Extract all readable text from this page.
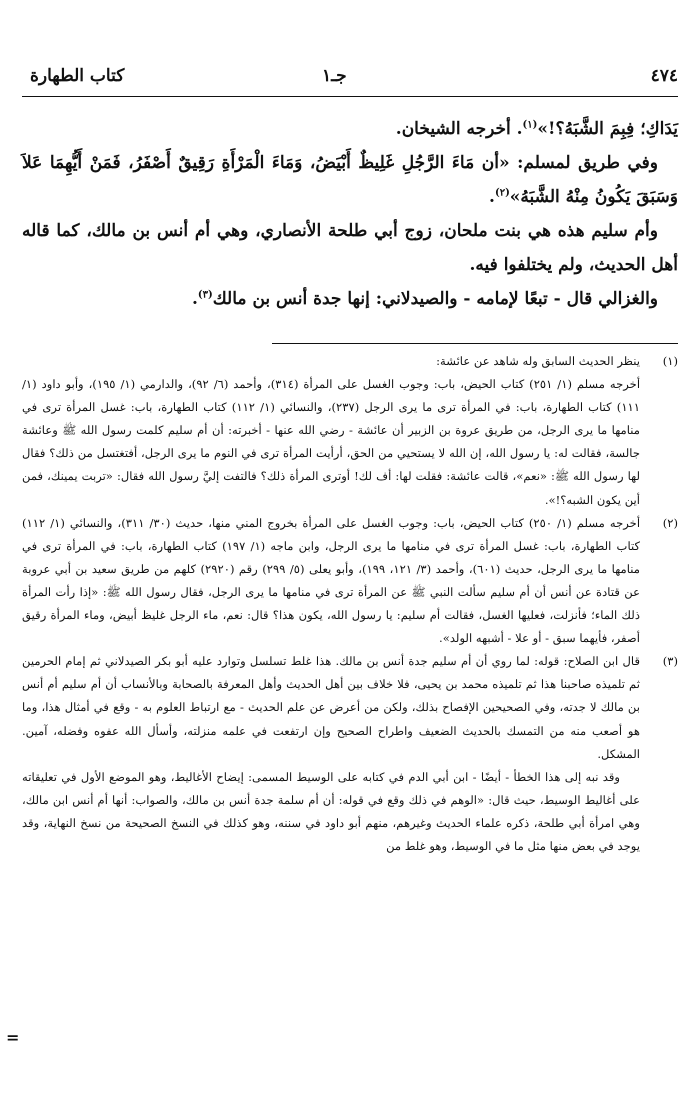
٤٧٤
جـ١
كتاب الطهارة

يَدَاكِ؛ فِبِمَ الشَّبَهُ؟!»$^{(١)}$. أخرجه الشيخان.

وفي طريق لمسلم: «أن مَاءَ الرَّجُلِ غَلِيظٌ أَبْيَضُ، وَمَاءَ الْمَرْأَةِ رَقِيقٌ أَصْفَرُ، فَمَنْ أَيُّهِمَا عَلاَ وَسَبَقَ يَكُونُ مِنْهُ الشَّبَهُ»$^{(٢)}$.

وأم سليم هذه هي بنت ملحان، زوج أبي طلحة الأنصاري، وهي أم أنس بن مالك، كما قاله أهل الحديث، ولم يختلفوا فيه.

والغزالي قال - تبعًا لإمامه - والصيدلاني: إنها جدة أنس بن مالك$^{(٣)}$.

(١)

ينظر الحديث السابق وله شاهد عن عائشة:

أخرجه مسلم (١/ ٢٥١) كتاب الحيض، باب: وجوب الغسل على المرأة (٣١٤)، وأحمد (٦/ ٩٢)، والدارمي (١/ ١٩٥)، وأبو داود (١/ ١١١) كتاب الطهارة، باب: في المرأة ترى ما يرى الرجل (٢٣٧)، والنسائي (١/ ١١٢) كتاب الطهارة، باب: غسل المرأة ترى في منامها ما يرى الرجل، من طريق عروة بن الزبير أن عائشة - رضي الله عنها - أخبرته: أن أم سليم كلمت رسول الله ﷺ وعائشة جالسة، فقالت له: يا رسول الله، إن الله لا يستحيي من الحق، أرأيت المرأة ترى في النوم ما يرى الرجل، أفتغتسل من ذلك؟ فقال لها رسول الله ﷺ: «نعم»، قالت عائشة: فقلت لها: أف لك! أوترى المرأة ذلك؟ فالتفت إليَّ رسول الله فقال: «تربت يمينك، فمن أين يكون الشبه؟!».

(٢)

أخرجه مسلم (١/ ٢٥٠) كتاب الحيض، باب: وجوب الغسل على المرأة بخروج المني منها، حديث (٣٠/ ٣١١)، والنسائي (١/ ١١٢) كتاب الطهارة، باب: غسل المرأة ترى في منامها ما يرى الرجل، وابن ماجه (١/ ١٩٧) كتاب الطهارة، باب: في المرأة ترى في منامها ما يرى الرجل، حديث (٦٠١)، وأحمد (٣/ ١٢١، ١٩٩)، وأبو يعلى (٥/ ٢٩٩) رقم (٢٩٢٠) كلهم من طريق سعيد بن أبي عروبة عن قتادة عن أنس أن أم سليم سألت النبي ﷺ عن المرأة ترى في منامها ما يرى الرجل، فقال رسول الله ﷺ: «إذا رأت المرأة ذلك الماء؛ فأنزلت، فعليها الغسل، فقالت أم سليم: يا رسول الله، يكون هذا؟ قال: نعم، ماء الرجل غليظ أبيض، وماء المرأة رقيق أصفر، فأيهما سبق - أو علا - أشبهه الولد».

(٣)

قال ابن الصلاح: قوله: لما روي أن أم سليم جدة أنس بن مالك. هذا غلط تسلسل وتوارد عليه أبو بكر الصيدلاني ثم إمام الحرمين ثم تلميذه صاحبنا هذا ثم تلميذه محمد بن يحيى، فلا خلاف بين أهل الحديث وأهل المعرفة بالصحابة وبالأنساب أن أم سليم أم أنس بن مالك لا جدته، وفي الصحيحين الإفصاح بذلك، ولكن من أعرض عن علم الحديث - مع ارتباط العلوم به - وقع في أمثال هذا، وما هو أصعب منه من التمسك بالحديث الضعيف واطراح الصحيح وإن ارتفعت في علمه منزلته، وأسأل الله عفوه وفضله، آمين. المشكل.

وقد نبه إلى هذا الخطأ - أيضًا - ابن أبي الدم في كتابه على الوسيط المسمى: إيضاح الأغاليط، وهو الموضع الأول في تعليقاته على أغاليط الوسيط، حيث قال: «الوهم في ذلك وقع في قوله: أن أم سلمة جدة أنس بن مالك، والصواب: أنها أم أنس ابن مالك، وهي امرأة أبي طلحة، ذكره علماء الحديث وغيرهم، منهم أبو داود في سننه، وهو كذلك في النسخ الصحيحة من نسخ النهاية، وقد يوجد في بعض منها مثل ما في الوسيط، وهو غلط من

=
